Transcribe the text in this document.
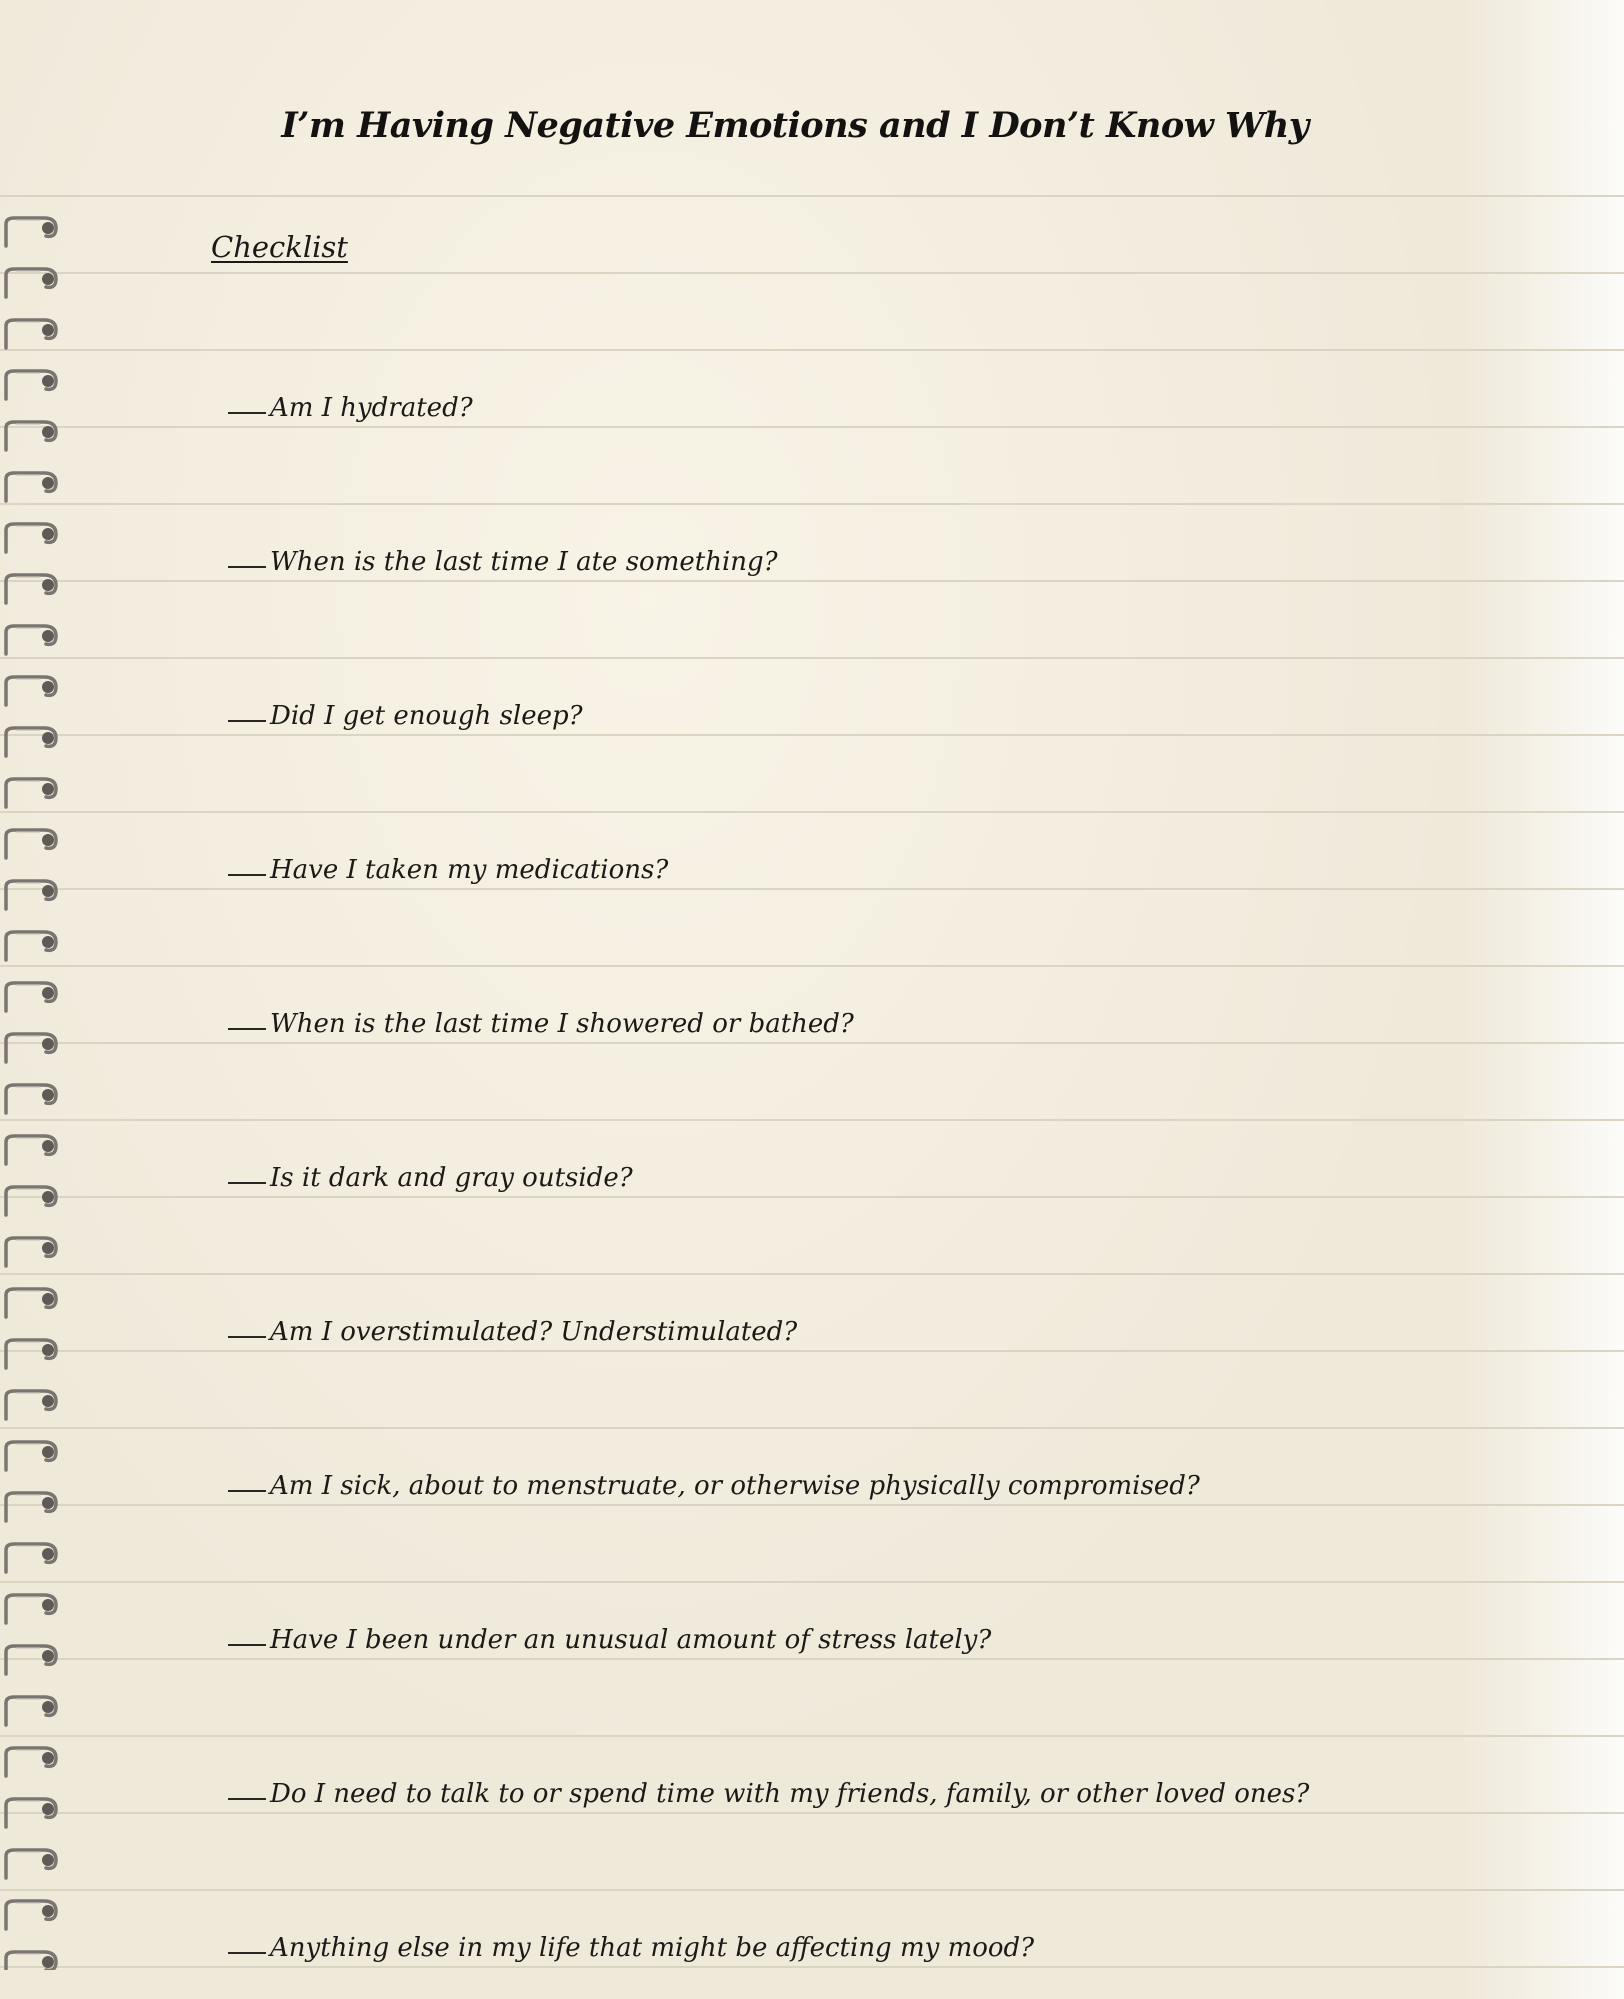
I’m Having Negative Emotions and I Don’t Know Why
Checklist
Am I hydrated?
When is the last time I ate something?
Did I get enough sleep?
Have I taken my medications?
When is the last time I showered or bathed?
Is it dark and gray outside?
Am I overstimulated? Understimulated?
Am I sick, about to menstruate, or otherwise physically compromised?
Have I been under an unusual amount of stress lately?
Do I need to talk to or spend time with my friends, family, or other loved ones?
Anything else in my life that might be affecting my mood?
